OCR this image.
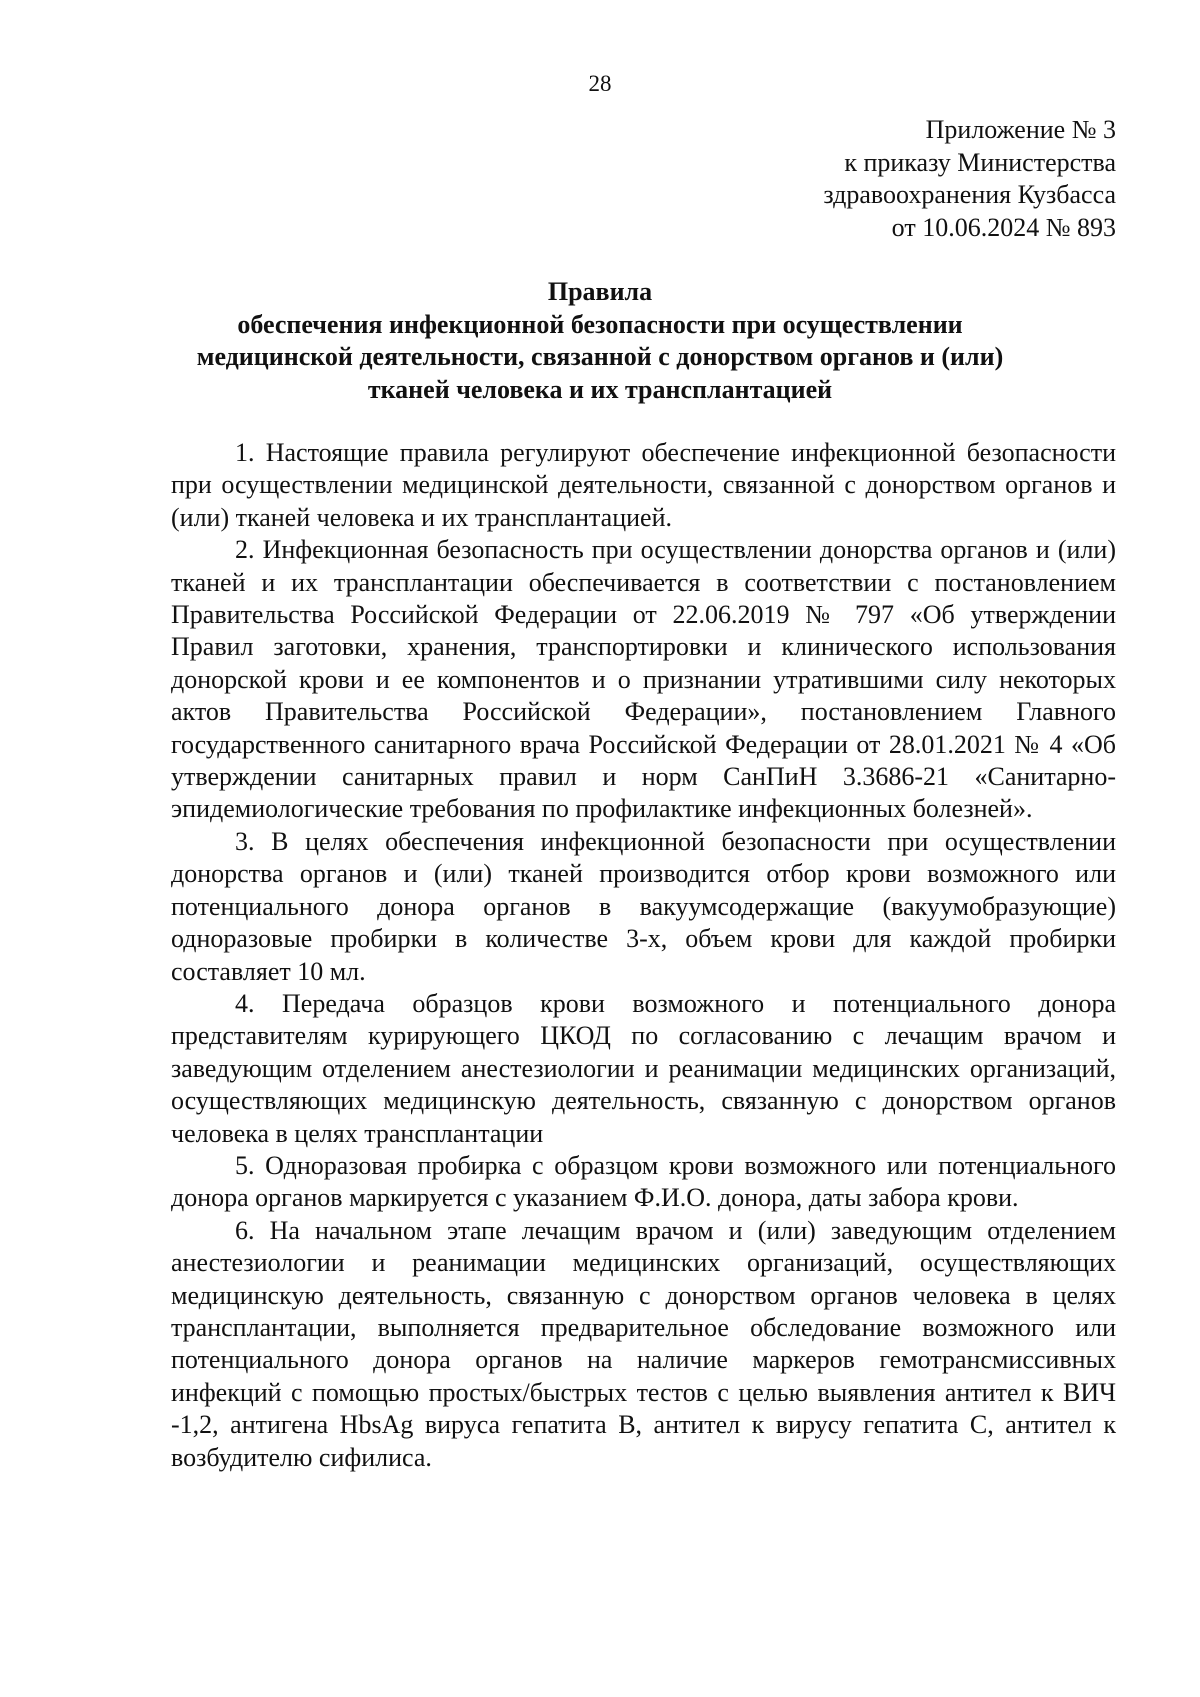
28
Приложение № 3
к приказу Министерства
здравоохранения Кузбасса
от 10.06.2024 № 893
Правила
обеспечения инфекционной безопасности при осуществлении
медицинской деятельности, связанной с донорством органов и (или)
тканей человека и их трансплантацией

1. Настоящие правила регулируют обеспечение инфекционной безопасности при осуществлении медицинской деятельности, связанной с донорством органов и (или) тканей человека и их трансплантацией.

2. Инфекционная безопасность при осуществлении донорства органов и (или) тканей и их трансплантации обеспечивается в соответствии с постановлением Правительства Российской Федерации от 22.06.2019 № 797 «Об утверждении Правил заготовки, хранения, транспортировки и клинического использования донорской крови и ее компонентов и о признании утратившими силу некоторых актов Правительства Российской Федерации», постановлением Главного государственного санитарного врача Российской Федерации от 28.01.2021 № 4 «Об утверждении санитарных правил и норм СанПиН 3.3686-21 «Санитарно-эпидемиологические требования по профилактике инфекционных болезней».

3. В целях обеспечения инфекционной безопасности при осуществлении донорства органов и (или) тканей производится отбор крови возможного или потенциального донора органов в вакуумсодержащие (вакуумобразующие) одноразовые пробирки в количестве 3-х, объем крови для каждой пробирки составляет 10 мл.

4. Передача образцов крови возможного и потенциального донора представителям курирующего ЦКОД по согласованию с лечащим врачом и заведующим отделением анестезиологии и реанимации медицинских организаций, осуществляющих медицинскую деятельность, связанную с донорством органов человека в целях трансплантации

5. Одноразовая пробирка с образцом крови возможного или потенциального донора органов маркируется с указанием Ф.И.О. донора, даты забора крови.

6. На начальном этапе лечащим врачом и (или) заведующим отделением анестезиологии и реанимации медицинских организаций, осуществляющих медицинскую деятельность, связанную с донорством органов человека в целях трансплантации, выполняется предварительное обследование возможного или потенциального донора органов на наличие маркеров гемотрансмиссивных инфекций с помощью простых/быстрых тестов с целью выявления антител к ВИЧ -1,2, антигена HbsAg вируса гепатита В, антител к вирусу гепатита С, антител к возбудителю сифилиса.
